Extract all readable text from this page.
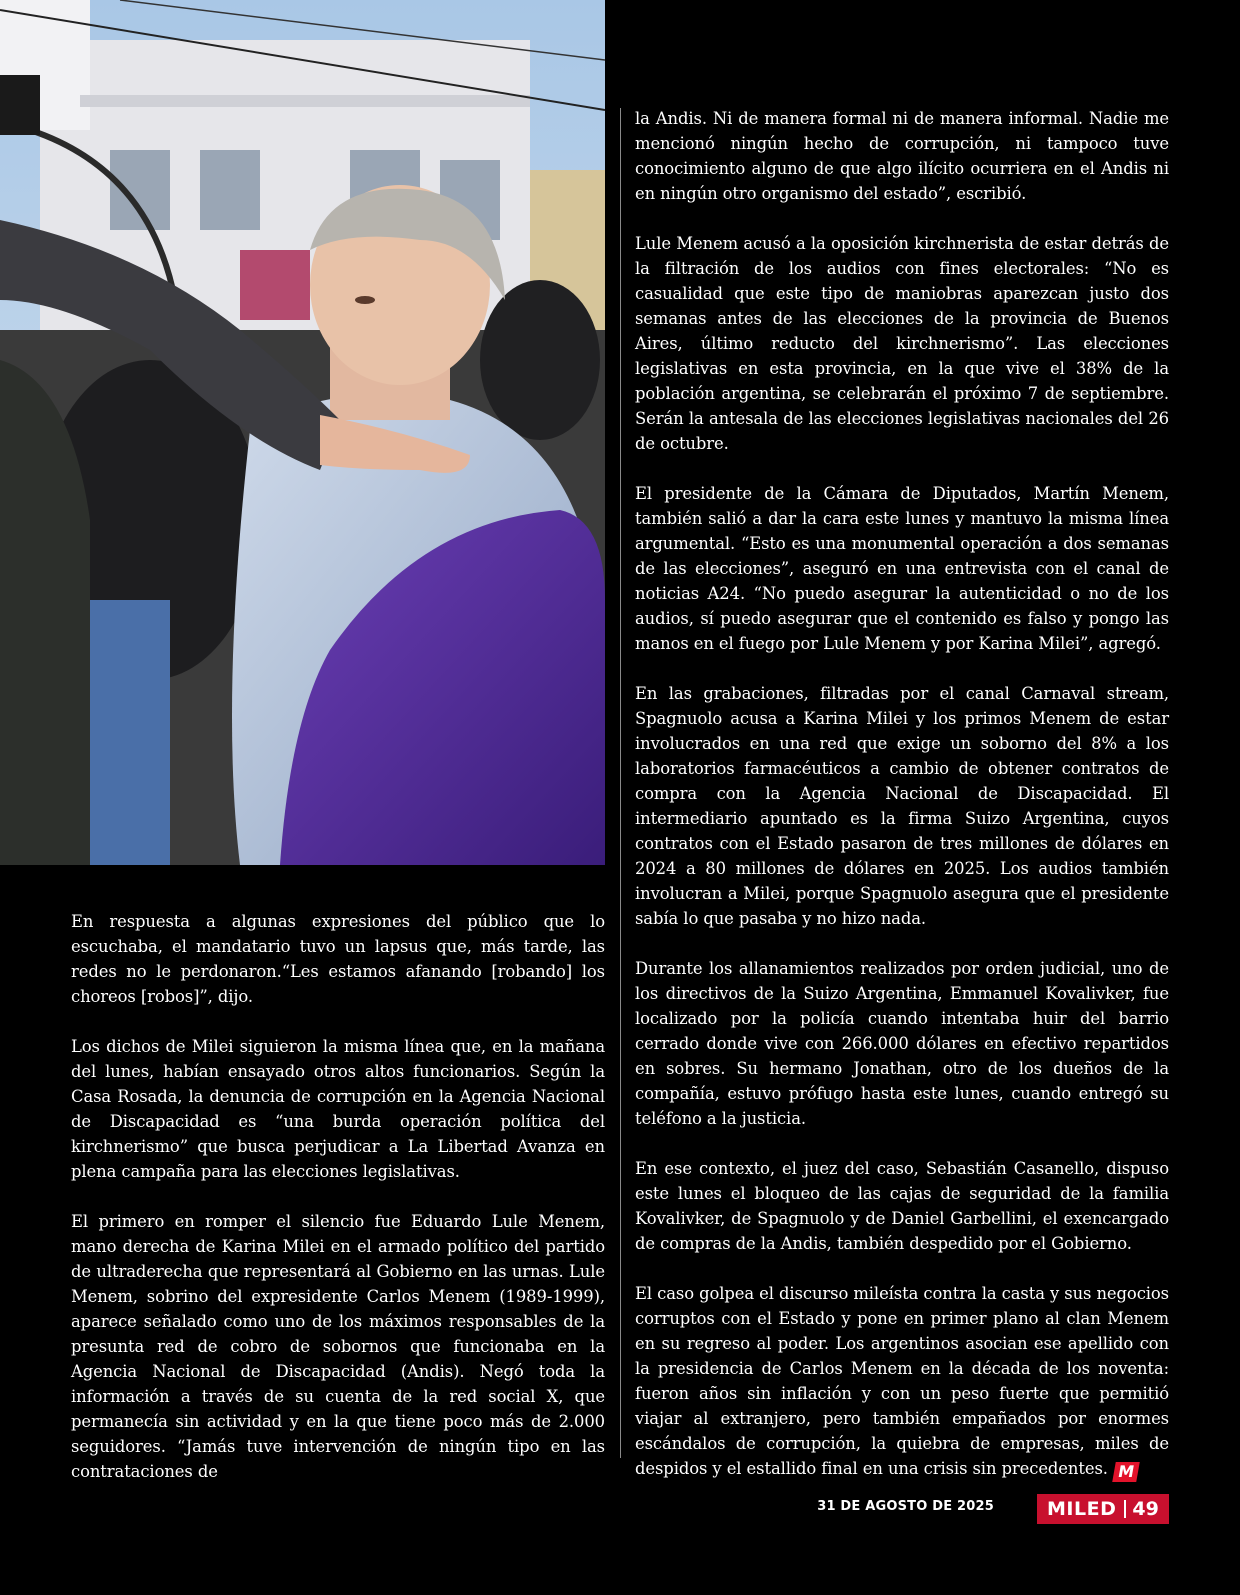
En respuesta a algunas expresiones del público que lo escuchaba, el mandatario tuvo un lapsus que, más tarde, las redes no le perdonaron.“Les estamos afanando [robando] los choreos [robos]”, dijo.

Los dichos de Milei siguieron la misma línea que, en la mañana del lunes, habían ensayado otros altos funcionarios. Según la Casa Rosada, la denuncia de corrupción en la Agencia Nacional de Discapacidad es “una burda operación política del kirchnerismo” que busca perjudicar a La Libertad Avanza en plena campaña para las elecciones legislativas.

El primero en romper el silencio fue Eduardo Lule Menem, mano derecha de Karina Milei en el armado político del partido de ultraderecha que representará al Gobierno en las urnas. Lule Menem, sobrino del expresidente Carlos Menem (1989-1999), aparece señalado como uno de los máximos responsables de la presunta red de cobro de sobornos que funcionaba en la Agencia Nacional de Discapacidad (Andis). Negó toda la información a través de su cuenta de la red social X, que permanecía sin actividad y en la que tiene poco más de 2.000 seguidores. “Jamás tuve intervención de ningún tipo en las contrataciones de

la Andis. Ni de manera formal ni de manera informal. Nadie me mencionó ningún hecho de corrupción, ni tampoco tuve conocimiento alguno de que algo ilícito ocurriera en el Andis ni en ningún otro organismo del estado”, escribió.

Lule Menem acusó a la oposición kirchnerista de estar detrás de la filtración de los audios con fines electorales: “No es casualidad que este tipo de maniobras aparezcan justo dos semanas antes de las elecciones de la provincia de Buenos Aires, último reducto del kirchnerismo”. Las elecciones legislativas en esta provincia, en la que vive el 38% de la población argentina, se celebrarán el próximo 7 de septiembre. Serán la antesala de las elecciones legislativas nacionales del 26 de octubre.

El presidente de la Cámara de Diputados, Martín Menem, también salió a dar la cara este lunes y mantuvo la misma línea argumental. “Esto es una monumental operación a dos semanas de las elecciones”, aseguró en una entrevista con el canal de noticias A24. “No puedo asegurar la autenticidad o no de los audios, sí puedo asegurar que el contenido es falso y pongo las manos en el fuego por Lule Menem y por Karina Milei”, agregó.

En las grabaciones, filtradas por el canal Carnaval stream, Spagnuolo acusa a Karina Milei y los primos Menem de estar involucrados en una red que exige un soborno del 8% a los laboratorios farmacéuticos a cambio de obtener contratos de compra con la Agencia Nacional de Discapacidad. El intermediario apuntado es la firma Suizo Argentina, cuyos contratos con el Estado pasaron de tres millones de dólares en 2024 a 80 millones de dólares en 2025. Los audios también involucran a Milei, porque Spagnuolo asegura que el presidente sabía lo que pasaba y no hizo nada.

Durante los allanamientos realizados por orden judicial, uno de los directivos de la Suizo Argentina, Emmanuel Kovalivker, fue localizado por la policía cuando intentaba huir del barrio cerrado donde vive con 266.000 dólares en efectivo repartidos en sobres. Su hermano Jonathan, otro de los dueños de la compañía, estuvo prófugo hasta este lunes, cuando entregó su teléfono a la justicia.

En ese contexto, el juez del caso, Sebastián Casanello, dispuso este lunes el bloqueo de las cajas de seguridad de la familia Kovalivker, de Spagnuolo y de Daniel Garbellini, el exencargado de compras de la Andis, también despedido por el Gobierno.

El caso golpea el discurso mileísta contra la casta y sus negocios corruptos con el Estado y pone en primer plano al clan Menem en su regreso al poder. Los argentinos asocian ese apellido con la presidencia de Carlos Menem en la década de los noventa: fueron años sin inflación y con un peso fuerte que permitió viajar al extranjero, pero también empañados por enormes escándalos de corrupción, la quiebra de empresas, miles de despidos y el estallido final en una crisis sin precedentes. M

31 DE AGOSTO DE 2025	MILED 49
